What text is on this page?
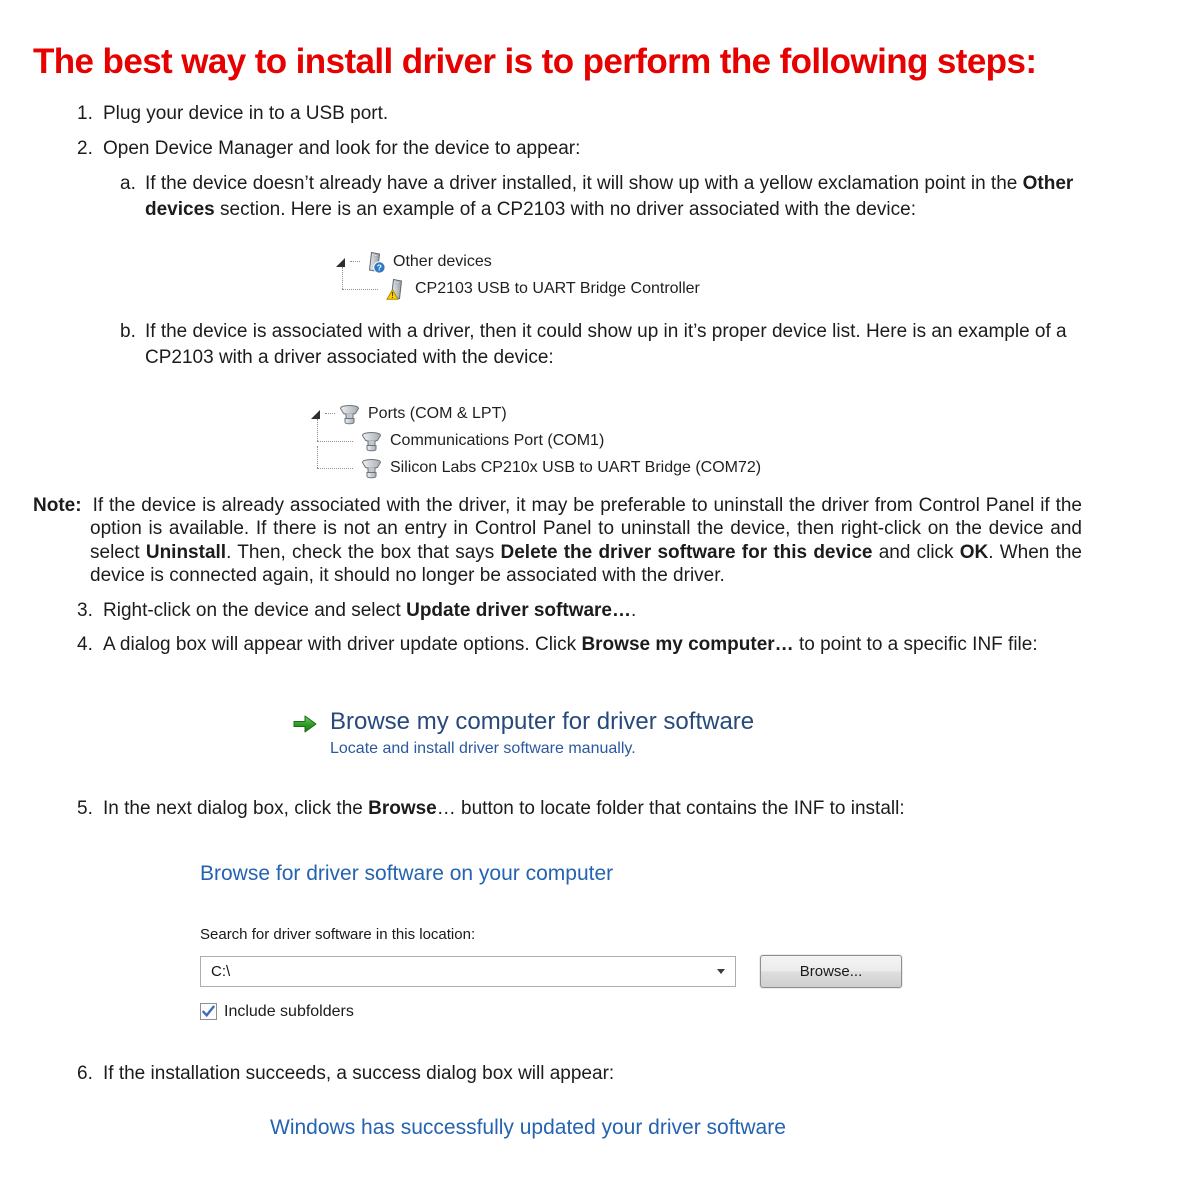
The best way to install driver is to perform the following steps:
1. Plug your device in to a USB port.
2. Open Device Manager and look for the device to appear:
a. If the device doesn’t already have a driver installed, it will show up with a yellow exclamation point in the Other devices section. Here is an example of a CP2103 with no driver associated with the device:
? Other devices
! CP2103 USB to UART Bridge Controller
b. If the device is associated with a driver, then it could show up in it’s proper device list. Here is an example of a CP2103 with a driver associated with the device:
Ports (COM & LPT)
Communications Port (COM1)
Silicon Labs CP210x USB to UART Bridge (COM72)
Note: If the device is already associated with the driver, it may be preferable to uninstall the driver from Control Panel if the option is available. If there is not an entry in Control Panel to uninstall the device, then right-click on the device and select Uninstall. Then, check the box that says Delete the driver software for this device and click OK. When the device is connected again, it should no longer be associated with the driver.
3. Right-click on the device and select Update driver software….
4. A dialog box will appear with driver update options. Click Browse my computer… to point to a specific INF file:
Browse my computer for driver software
Locate and install driver software manually.
5. In the next dialog box, click the Browse… button to locate folder that contains the INF to install:
Browse for driver software on your computer
Search for driver software in this location:
C:\	Browse...
Include subfolders
6. If the installation succeeds, a success dialog box will appear:
Windows has successfully updated your driver software
